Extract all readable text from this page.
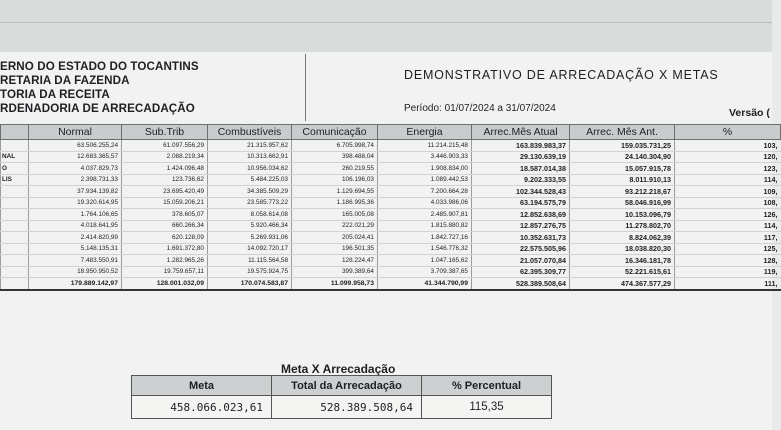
ERNO DO ESTADO DO TOCANTINS
RETARIA DA FAZENDA
TORIA DA RECEITA
RDENADORIA DE ARRECADAÇÃO
DEMONSTRATIVO DE ARRECADAÇÃO X METAS
Período: 01/07/2024 a 31/07/2024	Versão (
	Normal	Sub.Trib	Combustíveis	Comunicação	Energia	Arrec.Mês Atual	Arrec. Mês Ant.	%
	63.506.255,24	61.097.556,29	21.315.957,62	6.705.998,74	11.214.215,48	163.839.983,37	159.035.731,25	103,
NAL	12.683.365,57	2.088.219,34	10.313.662,91	398.488,04	3.446.903,33	29.130.639,19	24.140.304,90	120,
O	4.037.829,73	1.424.096,48	10.956.034,62	260.219,55	1.908.834,00	18.587.014,38	15.057.915,78	123,
LIS	2.398.731,33	123.736,62	5.484.225,03	106.196,03	1.089.442,53	9.202.333,55	8.011.910,13	114,
	37.934.139,82	23.695.420,49	34.385.509,29	1.129.694,55	7.200.664,28	102.344.528,43	93.212.218,67	109,
	19.320.614,95	15.059.206,21	23.585.773,22	1.186.995,36	4.033.986,06	63.194.575,79	58.046.916,99	108,
	1.764.106,65	378.605,07	8.058.614,08	165.005,08	2.485.907,81	12.852.638,69	10.153.096,79	126,
	4.018.641,95	660.266,34	5.920.466,34	222.021,29	1.815.880,82	12.857.276,75	11.278.802,70	114,
	2.414.820,99	620.128,09	5.269.931,06	205.024,41	1.842.727,16	10.352.631,73	8.824.062,39	117,
	5.148.135,31	1.691.372,80	14.092.720,17	196.501,35	1.546.776,32	22.575.505,96	18.038.820,30	125,
	7.483.550,91	1.282.965,26	11.115.564,58	128.224,47	1.047.165,62	21.057.070,84	16.346.181,78	128,
	18.950.950,52	19.759.657,11	19.575.924,75	399.389,64	3.709.387,65	62.395.309,77	52.221.615,61	119,
	179.889.142,97	128.001.032,09	170.074.583,87	11.099.958,73	41.344.790,99	528.389.508,64	474.367.577,29	111,
Meta X Arrecadação
Meta	Total da Arrecadação	% Percentual
458.066.023,61	528.389.508,64	115,35
